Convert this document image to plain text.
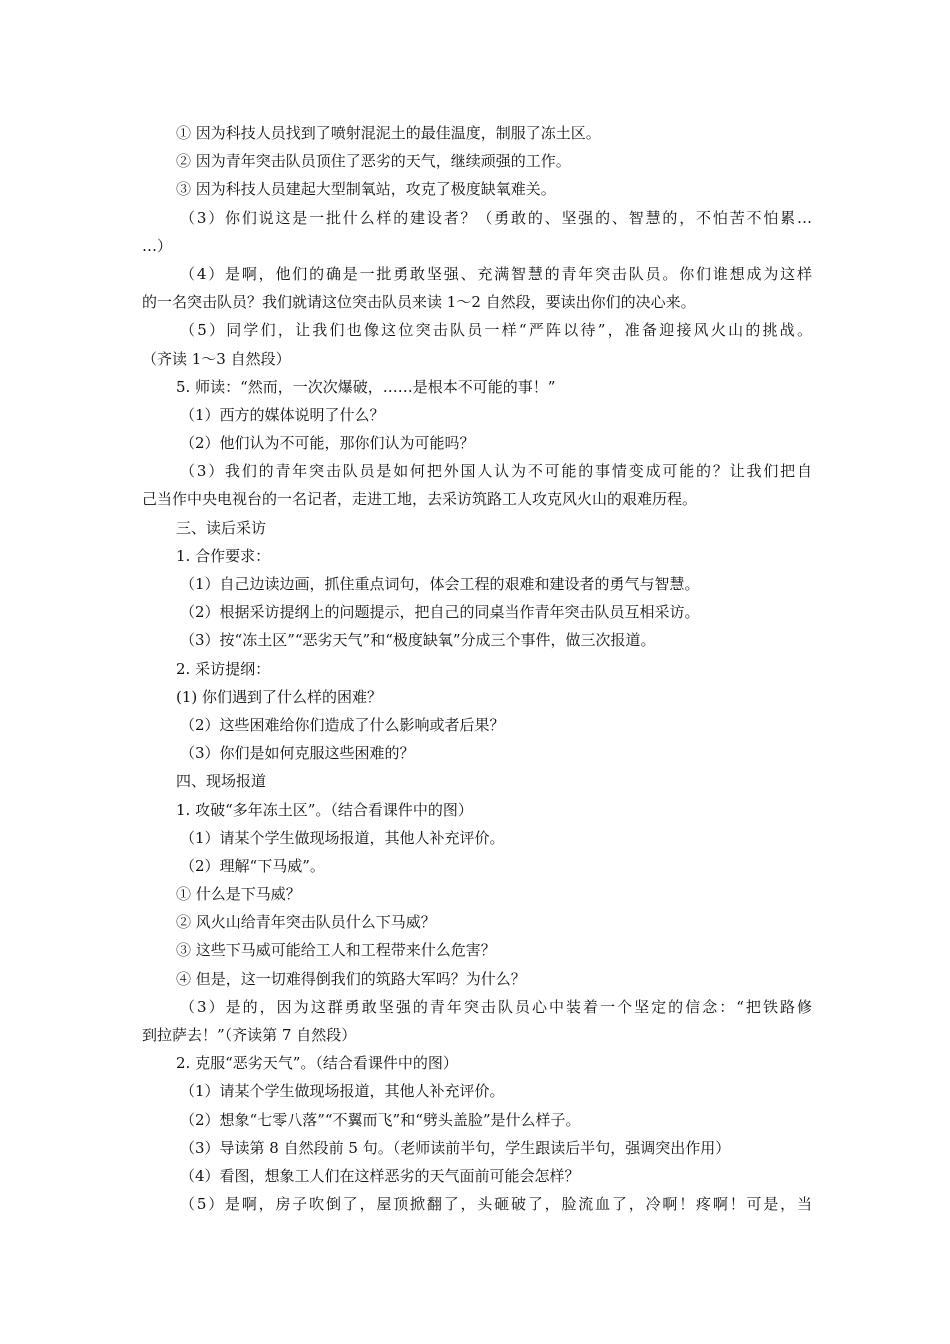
① 因为科技人员找到了喷射混泥土的最佳温度，制服了冻土区。
② 因为青年突击队员顶住了恶劣的天气，继续顽强的工作。
③ 因为科技人员建起大型制氧站，攻克了极度缺氧难关。
（3）你们说这是一批什么样的建设者？（勇敢的、坚强的、智慧的，不怕苦不怕累…
…）
（4）是啊，他们的确是一批勇敢坚强、充满智慧的青年突击队员。你们谁想成为这样
的一名突击队员？我们就请这位突击队员来读 1～2 自然段，要读出你们的决心来。
（5）同学们，让我们也像这位突击队员一样“严阵以待”，准备迎接风火山的挑战。
（齐读 1～3 自然段）
5. 师读：“然而，一次次爆破，……是根本不可能的事！”
（1）西方的媒体说明了什么？
（2）他们认为不可能，那你们认为可能吗？
（3）我们的青年突击队员是如何把外国人认为不可能的事情变成可能的？让我们把自
己当作中央电视台的一名记者，走进工地，去采访筑路工人攻克风火山的艰难历程。
三、读后采访
1. 合作要求：
（1）自己边读边画，抓住重点词句，体会工程的艰难和建设者的勇气与智慧。
（2）根据采访提纲上的问题提示，把自己的同桌当作青年突击队员互相采访。
（3）按“冻土区”“恶劣天气”和“极度缺氧”分成三个事件，做三次报道。
2. 采访提纲：
(1) 你们遇到了什么样的困难？
（2）这些困难给你们造成了什么影响或者后果？
（3）你们是如何克服这些困难的？
四、现场报道
1. 攻破“多年冻土区”。（结合看课件中的图）
（1）请某个学生做现场报道，其他人补充评价。
（2）理解“下马威”。
① 什么是下马威？
② 风火山给青年突击队员什么下马威？
③ 这些下马威可能给工人和工程带来什么危害？
④ 但是，这一切难得倒我们的筑路大军吗？为什么？
（3）是的，因为这群勇敢坚强的青年突击队员心中装着一个坚定的信念：“把铁路修
到拉萨去！”（齐读第 7 自然段）
2. 克服“恶劣天气”。（结合看课件中的图）
（1）请某个学生做现场报道，其他人补充评价。
（2）想象“七零八落”“不翼而飞”和“劈头盖脸”是什么样子。
（3）导读第 8 自然段前 5 句。（老师读前半句，学生跟读后半句，强调突出作用）
（4）看图，想象工人们在这样恶劣的天气面前可能会怎样？
（5）是啊，房子吹倒了，屋顶掀翻了，头砸破了，脸流血了，冷啊！疼啊！可是，当
